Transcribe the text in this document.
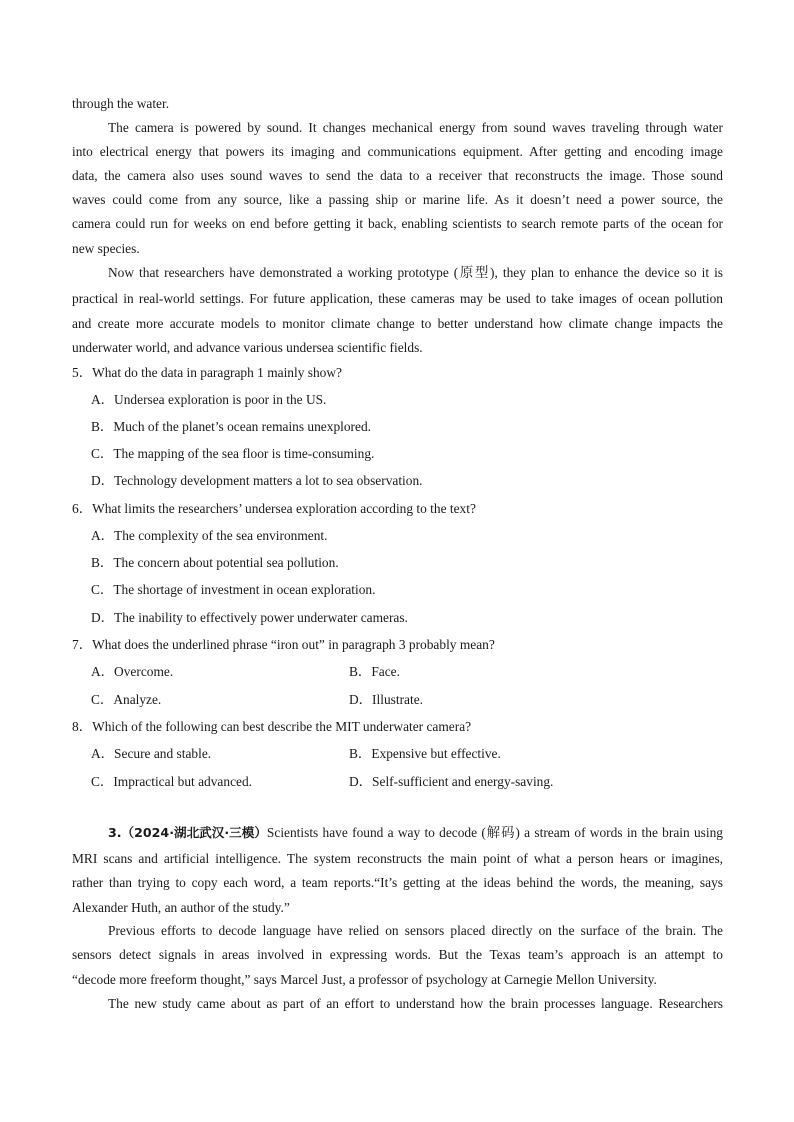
through the water.
The camera is powered by sound. It changes mechanical energy from sound waves traveling through water
into electrical energy that powers its imaging and communications equipment. After getting and encoding image
data, the camera also uses sound waves to send the data to a receiver that reconstructs the image. Those sound
waves could come from any source, like a passing ship or marine life. As it doesn’t need a power source, the
camera could run for weeks on end before getting it back, enabling scientists to search remote parts of the ocean for
new species.
Now that researchers have demonstrated a working prototype (原型), they plan to enhance the device so it is
practical in real-world settings. For future application, these cameras may be used to take images of ocean pollution
and create more accurate models to monitor climate change to better understand how climate change impacts the
underwater world, and advance various undersea scientific fields.
5．What do the data in paragraph 1 mainly show?
A．Undersea exploration is poor in the US.
B．Much of the planet’s ocean remains unexplored.
C．The mapping of the sea floor is time-consuming.
D．Technology development matters a lot to sea observation.
6．What limits the researchers’ undersea exploration according to the text?
A．The complexity of the sea environment.
B．The concern about potential sea pollution.
C．The shortage of investment in ocean exploration.
D．The inability to effectively power underwater cameras.
7．What does the underlined phrase “iron out” in paragraph 3 probably mean?
A．Overcome.	B．Face.
C．Analyze.	D．Illustrate.
8．Which of the following can best describe the MIT underwater camera?
A．Secure and stable.	B．Expensive but effective.
C．Impractical but advanced.	D．Self-sufficient and energy-saving.
3.（2024·湖北武汉·三模） Scientists have found a way to decode (解码) a stream of words in the brain using
MRI scans and artificial intelligence. The system reconstructs the main point of what a person hears or imagines,
rather than trying to copy each word, a team reports.“It’s getting at the ideas behind the words, the meaning, says
Alexander Huth, an author of the study.”
Previous efforts to decode language have relied on sensors placed directly on the surface of the brain. The
sensors detect signals in areas involved in expressing words. But the Texas team’s approach is an attempt to
“decode more freeform thought,” says Marcel Just, a professor of psychology at Carnegie Mellon University.
The new study came about as part of an effort to understand how the brain processes language. Researchers
